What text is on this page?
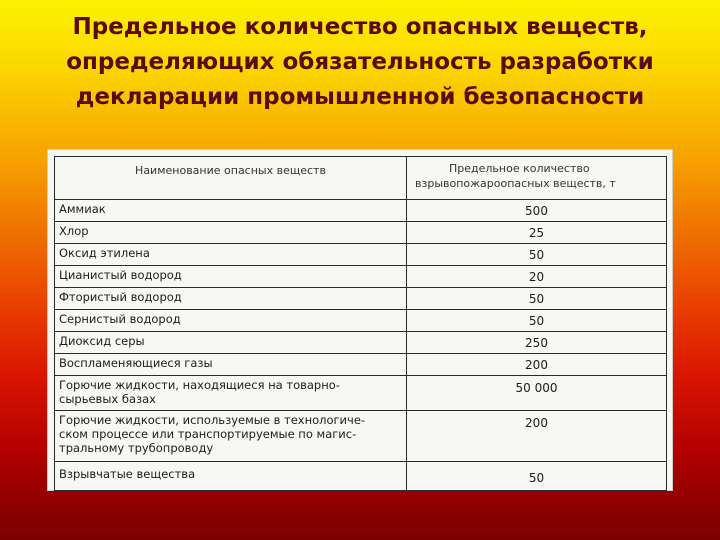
Предельное количество опасных веществ,
определяющих обязательность разработки
декларации промышленной безопасности
Наименование опасных веществ	Предельное количество
взрывопожароопасных веществ, т

Аммиак	500
Хлор	25
Оксид этилена	50
Цианистый водород	20
Фтористый водород	50
Сернистый водород	50
Диоксид серы	250
Воспламеняющиеся газы	200

Горючие жидкости, находящиеся на товарно-
сырьевых базах	50 000

Горючие жидкости, используемые в технологиче-
ском процессе или транспортируемые по магис-
тральному трубопроводу	200
Взрывчатые вещества	50
